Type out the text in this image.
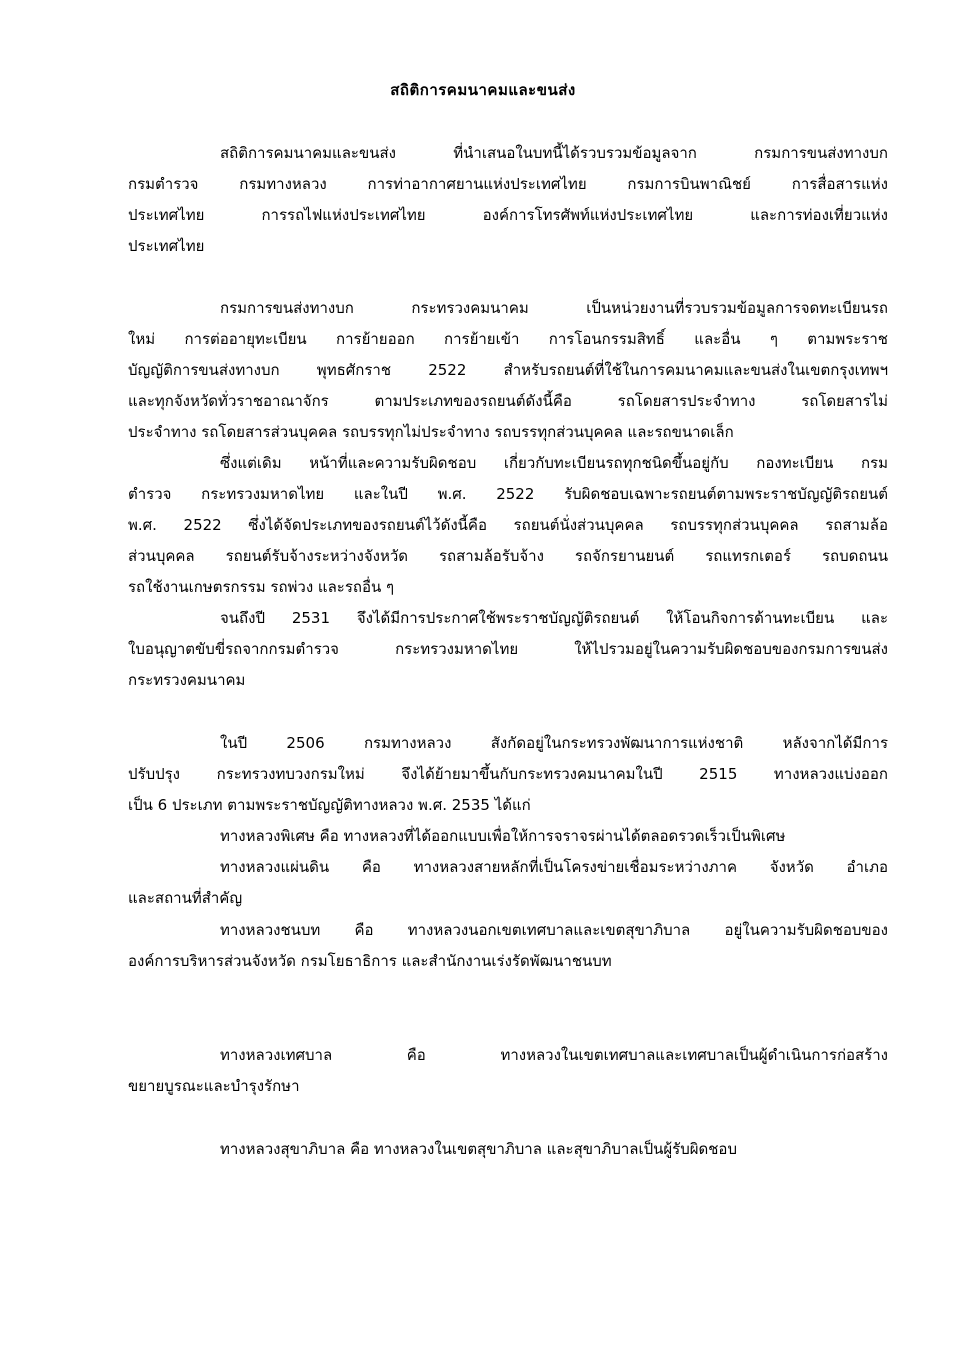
สถิติการคมนาคมและขนส่ง

สถิติการคมนาคมและขนส่ง ที่นำเสนอในบทนี้ได้รวบรวมข้อมูลจาก กรมการขนส่งทางบก
กรมตำรวจ กรมทางหลวง การท่าอากาศยานแห่งประเทศไทย กรมการบินพาณิชย์ การสื่อสารแห่ง
ประเทศไทย การรถไฟแห่งประเทศไทย องค์การโทรศัพท์แห่งประเทศไทย และการท่องเที่ยวแห่ง
ประเทศไทย

กรมการขนส่งทางบก กระทรวงคมนาคม เป็นหน่วยงานที่รวบรวมข้อมูลการจดทะเบียนรถ
ใหม่ การต่ออายุทะเบียน การย้ายออก การย้ายเข้า การโอนกรรมสิทธิ์ และอื่น ๆ ตามพระราช
บัญญัติการขนส่งทางบก พุทธศักราช 2522 สำหรับรถยนต์ที่ใช้ในการคมนาคมและขนส่งในเขตกรุงเทพฯ
และทุกจังหวัดทั่วราชอาณาจักร ตามประเภทของรถยนต์ดังนี้คือ รถโดยสารประจำทาง รถโดยสารไม่
ประจำทาง รถโดยสารส่วนบุคคล รถบรรทุกไม่ประจำทาง รถบรรทุกส่วนบุคคล และรถขนาดเล็ก

ซึ่งแต่เดิม หน้าที่และความรับผิดชอบ เกี่ยวกับทะเบียนรถทุกชนิดขึ้นอยู่กับ กองทะเบียน กรม
ตำรวจ กระทรวงมหาดไทย และในปี พ.ศ. 2522 รับผิดชอบเฉพาะรถยนต์ตามพระราชบัญญัติรถยนต์
พ.ศ. 2522 ซึ่งได้จัดประเภทของรถยนต์ไว้ดังนี้คือ รถยนต์นั่งส่วนบุคคล รถบรรทุกส่วนบุคคล รถสามล้อ
ส่วนบุคคล รถยนต์รับจ้างระหว่างจังหวัด รถสามล้อรับจ้าง รถจักรยานยนต์ รถแทรกเตอร์ รถบดถนน
รถใช้งานเกษตรกรรม รถพ่วง และรถอื่น ๆ

จนถึงปี 2531 จึงได้มีการประกาศใช้พระราชบัญญัติรถยนต์ ให้โอนกิจการด้านทะเบียน และ
ใบอนุญาตขับขี่รถจากกรมตำรวจ กระทรวงมหาดไทย ให้ไปรวมอยู่ในความรับผิดชอบของกรมการขนส่ง
กระทรวงคมนาคม

ในปี 2506 กรมทางหลวง สังกัดอยู่ในกระทรวงพัฒนาการแห่งชาติ หลังจากได้มีการ
ปรับปรุง กระทรวงทบวงกรมใหม่ จึงได้ย้ายมาขึ้นกับกระทรวงคมนาคมในปี 2515 ทางหลวงแบ่งออก
เป็น 6 ประเภท ตามพระราชบัญญัติทางหลวง พ.ศ. 2535 ได้แก่

ทางหลวงพิเศษ คือ ทางหลวงที่ได้ออกแบบเพื่อให้การจราจรผ่านได้ตลอดรวดเร็วเป็นพิเศษ

ทางหลวงแผ่นดิน คือ ทางหลวงสายหลักที่เป็นโครงข่ายเชื่อมระหว่างภาค จังหวัด อำเภอ
และสถานที่สำคัญ

ทางหลวงชนบท คือ ทางหลวงนอกเขตเทศบาลและเขตสุขาภิบาล อยู่ในความรับผิดชอบของ
องค์การบริหารส่วนจังหวัด กรมโยธาธิการ และสำนักงานเร่งรัดพัฒนาชนบท

ทางหลวงเทศบาล คือ ทางหลวงในเขตเทศบาลและเทศบาลเป็นผู้ดำเนินการก่อสร้าง
ขยายบูรณะและบำรุงรักษา

ทางหลวงสุขาภิบาล คือ ทางหลวงในเขตสุขาภิบาล และสุขาภิบาลเป็นผู้รับผิดชอบ
